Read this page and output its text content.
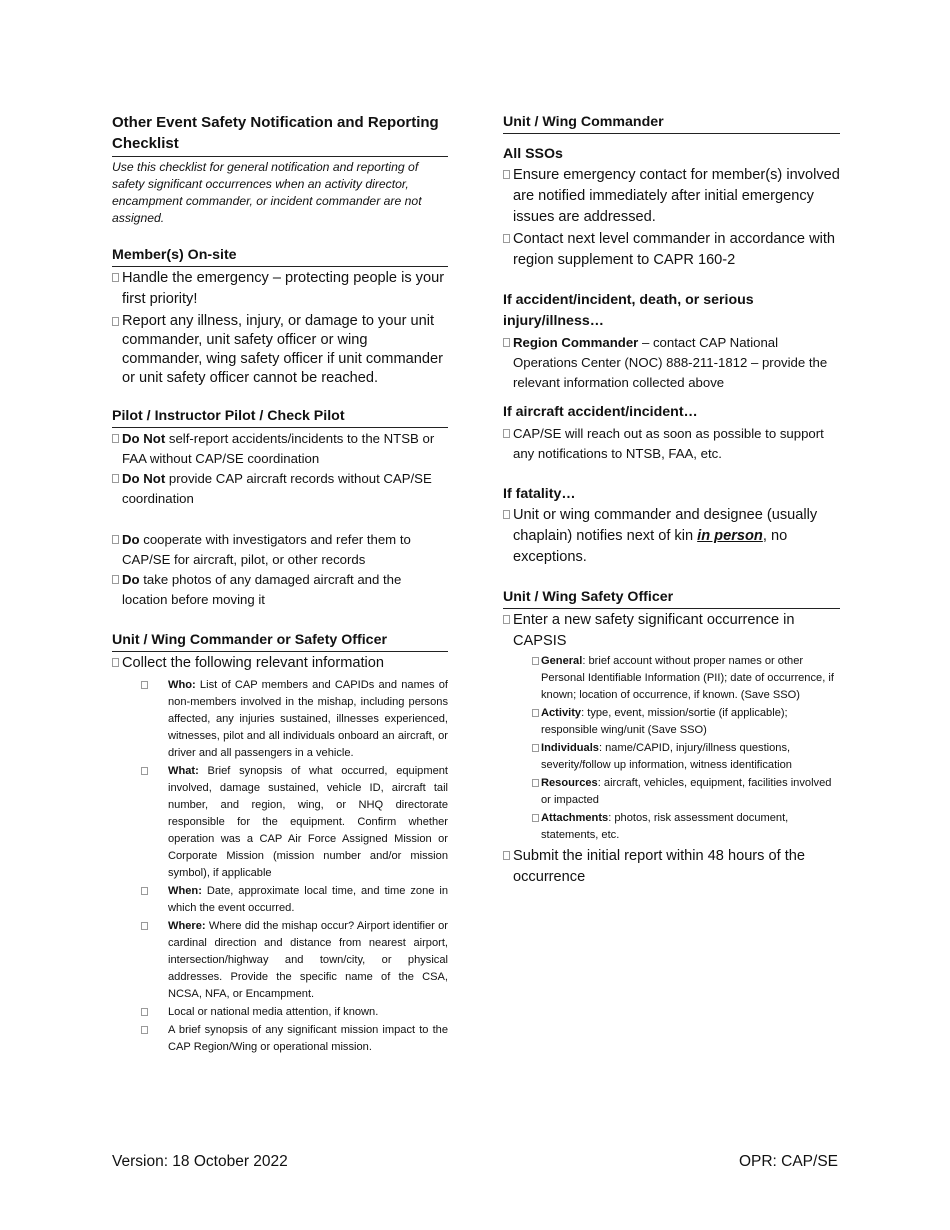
Other Event Safety Notification and Reporting Checklist

Use this checklist for general notification and reporting of safety significant occurrences when an activity director, encampment commander, or incident commander are not assigned.

Member(s) On-site
Handle the emergency – protecting people is your first priority!
Report any illness, injury, or damage to your unit commander, unit safety officer or wing commander, wing safety officer if unit commander or unit safety officer cannot be reached.
Pilot / Instructor Pilot / Check Pilot
Do Not self-report accidents/incidents to the NTSB or FAA without CAP/SE coordination
Do Not provide CAP aircraft records without CAP/SE coordination
Do cooperate with investigators and refer them to CAP/SE for aircraft, pilot, or other records
Do take photos of any damaged aircraft and the location before moving it
Unit / Wing Commander or Safety Officer
Collect the following relevant information
Who: List of CAP members and CAPIDs and names of non-members involved in the mishap, including persons affected, any injuries sustained, illnesses experienced, witnesses, pilot and all individuals onboard an aircraft, or driver and all passengers in a vehicle.
What: Brief synopsis of what occurred, equipment involved, damage sustained, vehicle ID, aircraft tail number, and region, wing, or NHQ directorate responsible for the equipment. Confirm whether operation was a CAP Air Force Assigned Mission or Corporate Mission (mission number and/or mission symbol), if applicable
When: Date, approximate local time, and time zone in which the event occurred.
Where: Where did the mishap occur? Airport identifier or cardinal direction and distance from nearest airport, intersection/highway and town/city, or physical addresses. Provide the specific name of the CSA, NCSA, NFA, or Encampment.
Local or national media attention, if known.
A brief synopsis of any significant mission impact to the CAP Region/Wing or operational mission.
Unit / Wing Commander
All SSOs
Ensure emergency contact for member(s) involved are notified immediately after initial emergency issues are addressed.
Contact next level commander in accordance with region supplement to CAPR 160-2
If accident/incident, death, or serious injury/illness…
Region Commander – contact CAP National Operations Center (NOC) 888-211-1812 – provide the relevant information collected above
If aircraft accident/incident…
CAP/SE will reach out as soon as possible to support any notifications to NTSB, FAA, etc.
If fatality…
Unit or wing commander and designee (usually chaplain) notifies next of kin in person, no exceptions.
Unit / Wing Safety Officer
Enter a new safety significant occurrence in CAPSIS
General: brief account without proper names or other Personal Identifiable Information (PII); date of occurrence, if known; location of occurrence, if known. (Save SSO)
Activity: type, event, mission/sortie (if applicable); responsible wing/unit (Save SSO)
Individuals: name/CAPID, injury/illness questions, severity/follow up information, witness identification
Resources: aircraft, vehicles, equipment, facilities involved or impacted
Attachments: photos, risk assessment document, statements, etc.
Submit the initial report within 48 hours of the occurrence
Version: 18 October 2022	OPR: CAP/SE
